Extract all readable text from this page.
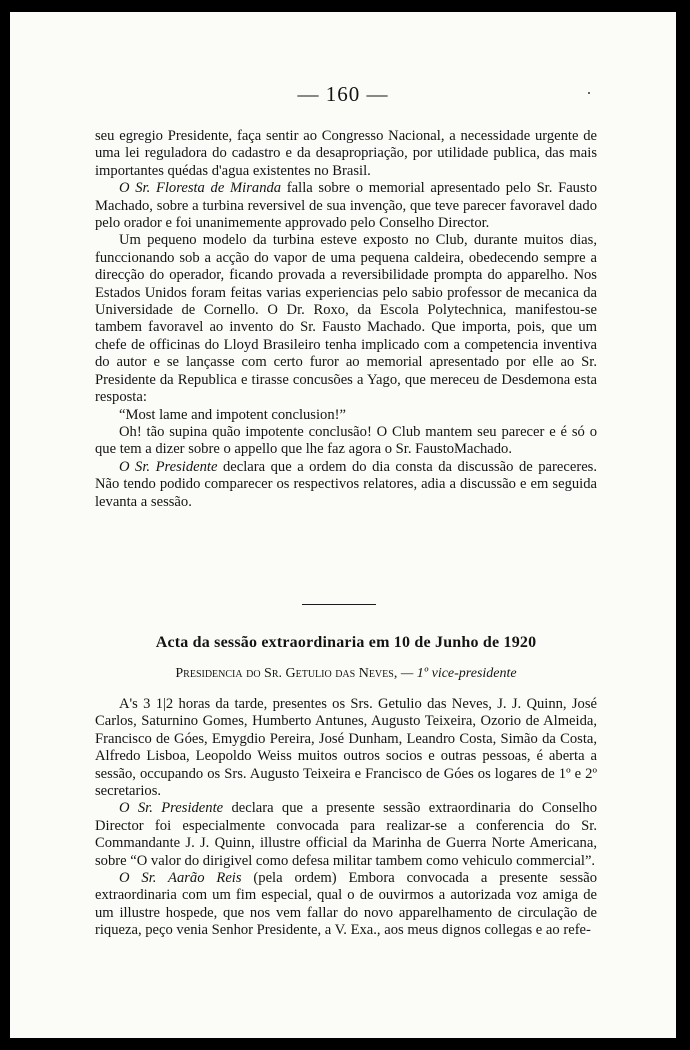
— 160 —

seu egregio Presidente, faça sentir ao Congresso Nacional, a necessidade urgente de uma lei reguladora do cadastro e da desapropriação, por utilidade publica, das mais importantes quédas d'agua existentes no Brasil.

O Sr. Floresta de Miranda falla sobre o memorial apresentado pelo Sr. Fausto Machado, sobre a turbina reversivel de sua invenção, que teve parecer favoravel dado pelo orador e foi unanimemente approvado pelo Conselho Director.

Um pequeno modelo da turbina esteve exposto no Club, durante muitos dias, funccionando sob a acção do vapor de uma pequena caldeira, obedecendo sempre a direcção do operador, ficando provada a reversibilidade prompta do apparelho. Nos Estados Unidos foram feitas varias experiencias pelo sabio professor de mecanica da Universidade de Cornello. O Dr. Roxo, da Escola Polytechnica, manifestou-se tambem favoravel ao invento do Sr. Fausto Machado. Que importa, pois, que um chefe de officinas do Lloyd Brasileiro tenha implicado com a competencia inventiva do autor e se lançasse com certo furor ao memorial apresentado por elle ao Sr. Presidente da Republica e tirasse concusões a Yago, que mereceu de Desdemona esta resposta:

“Most lame and impotent conclusion!”

Oh! tão supina quão impotente conclusão! O Club mantem seu parecer e é só o que tem a dizer sobre o appello que lhe faz agora o Sr. FaustoMachado.

O Sr. Presidente declara que a ordem do dia consta da discussão de pareceres. Não tendo podido comparecer os respectivos relatores, adia a discussão e em seguida levanta a sessão.

Acta da sessão extraordinaria em 10 de Junho de 1920
Presidencia do Sr. Getulio das Neves, — 1º vice-presidente

A's 3 1|2 horas da tarde, presentes os Srs. Getulio das Neves, J. J. Quinn, José Carlos, Saturnino Gomes, Humberto Antunes, Augusto Teixeira, Ozorio de Almeida, Francisco de Góes, Emygdio Pereira, José Dunham, Leandro Costa, Simão da Costa, Alfredo Lisboa, Leopoldo Weiss muitos outros socios e outras pessoas, é aberta a sessão, occupando os Srs. Augusto Teixeira e Francisco de Góes os logares de 1º e 2º secretarios.

O Sr. Presidente declara que a presente sessão extraordinaria do Conselho Director foi especialmente convocada para realizar-se a conferencia do Sr. Commandante J. J. Quinn, illustre official da Marinha de Guerra Norte Americana, sobre “O valor do dirigivel como defesa militar tambem como vehiculo commercial”.

O Sr. Aarão Reis (pela ordem) Embora convocada a presente sessão extraordinaria com um fim especial, qual o de ouvirmos a autorizada voz amiga de um illustre hospede, que nos vem fallar do novo apparelhamento de circulação de riqueza, peço venia Senhor Presidente, a V. Exa., aos meus dignos collegas e ao refe-
